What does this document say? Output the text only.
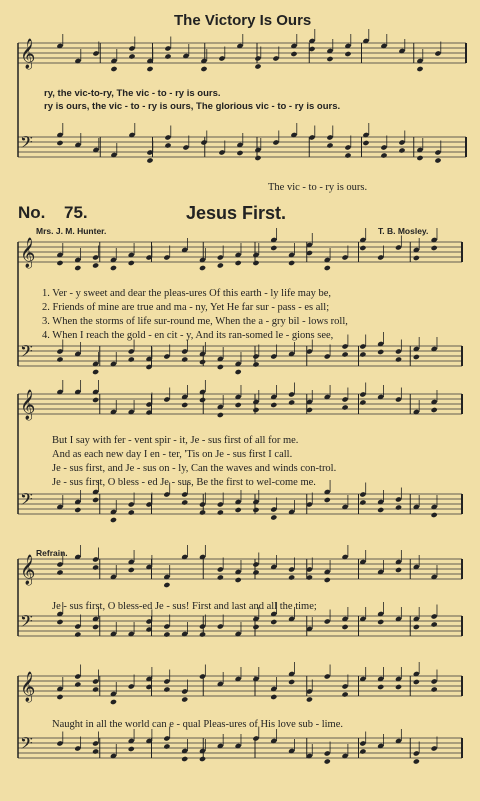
𝄞
𝄢
𝄞
𝄢
𝄞
𝄢
𝄞
𝄢
𝄞
𝄢
The Victory Is Ours
ry, the vic-to-ry, The vic - to - ry is ours.
ry is ours, the vic - to - ry is ours, The glorious vic - to - ry is ours.
The vic - to - ry is ours.
No. 75.	Jesus First.
Mrs. J. M. Hunter.	T. B. Mosley.
1. Ver - y sweet and dear the pleas-ures Of this earth - ly life may be,
2. Friends of mine are true and ma - ny, Yet He far sur - pass - es all;
3. When the storms of life sur-round me, When the a - gry bil - lows roll,
4. When I reach the gold - en cit - y, And its ran-somed le - gions see,
But I say with fer - vent spir - it, Je - sus first of all for me.
And as each new day I en - ter, 'Tis on Je - sus first I call.
Je - sus first, and Je - sus on - ly, Can the waves and winds con-trol.
Je - sus first, O bless - ed Je - sus, Be the first to wel-come me.
Refrain.
Je - sus first, O bless-ed Je - sus! First and last and all the time;
Naught in all the world can e - qual Pleas-ures of His love sub - lime.
